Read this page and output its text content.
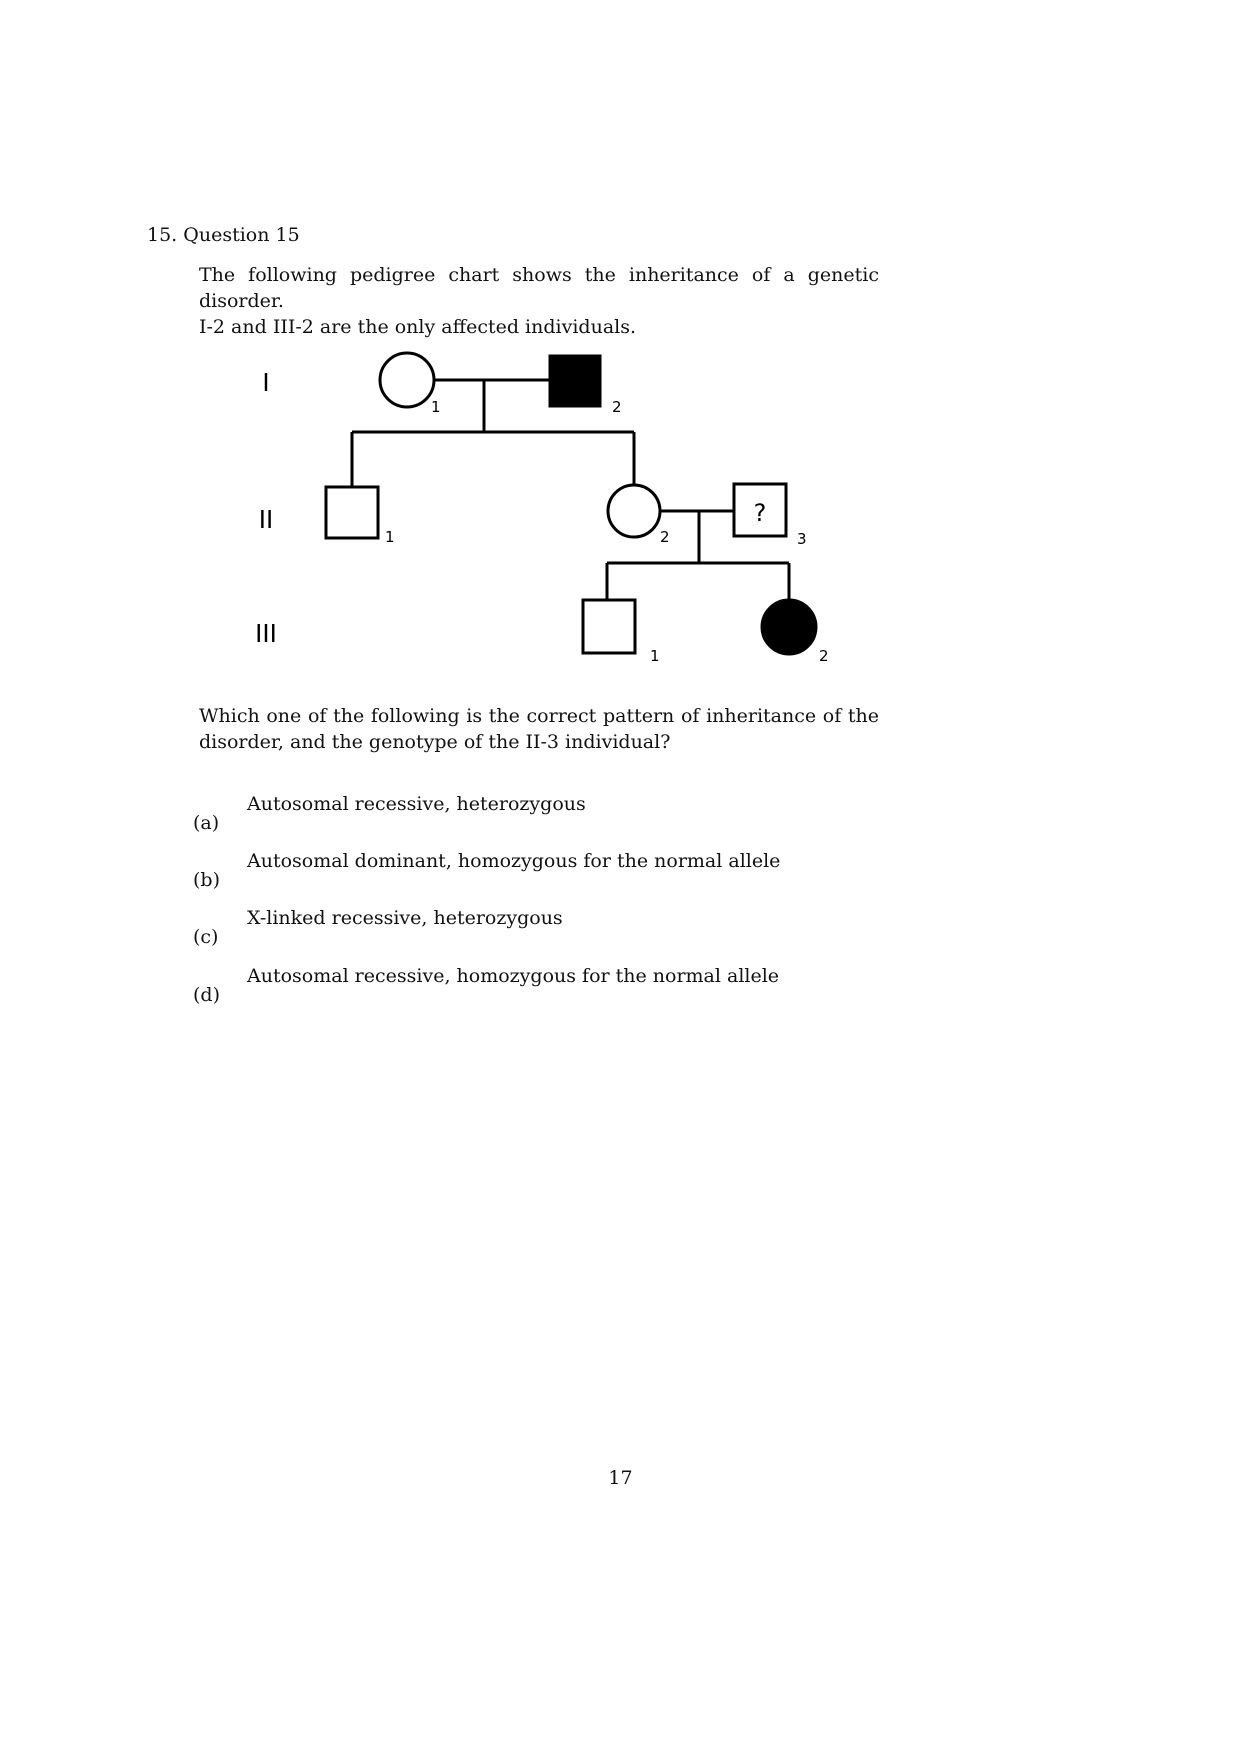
15. Question 15

The following pedigree chart shows the inheritance of a genetic disorder.

I-2 and III-2 are the only affected individuals.

I
II
III
1	2
1	2
?
3
1	2

Which one of the following is the correct pattern of inheritance of the

disorder, and the genotype of the II-3 individual?

(a)
Autosomal recessive, heterozygous
(b)
Autosomal dominant, homozygous for the normal allele
(c)
X-linked recessive, heterozygous
(d)
Autosomal recessive, homozygous for the normal allele
17
